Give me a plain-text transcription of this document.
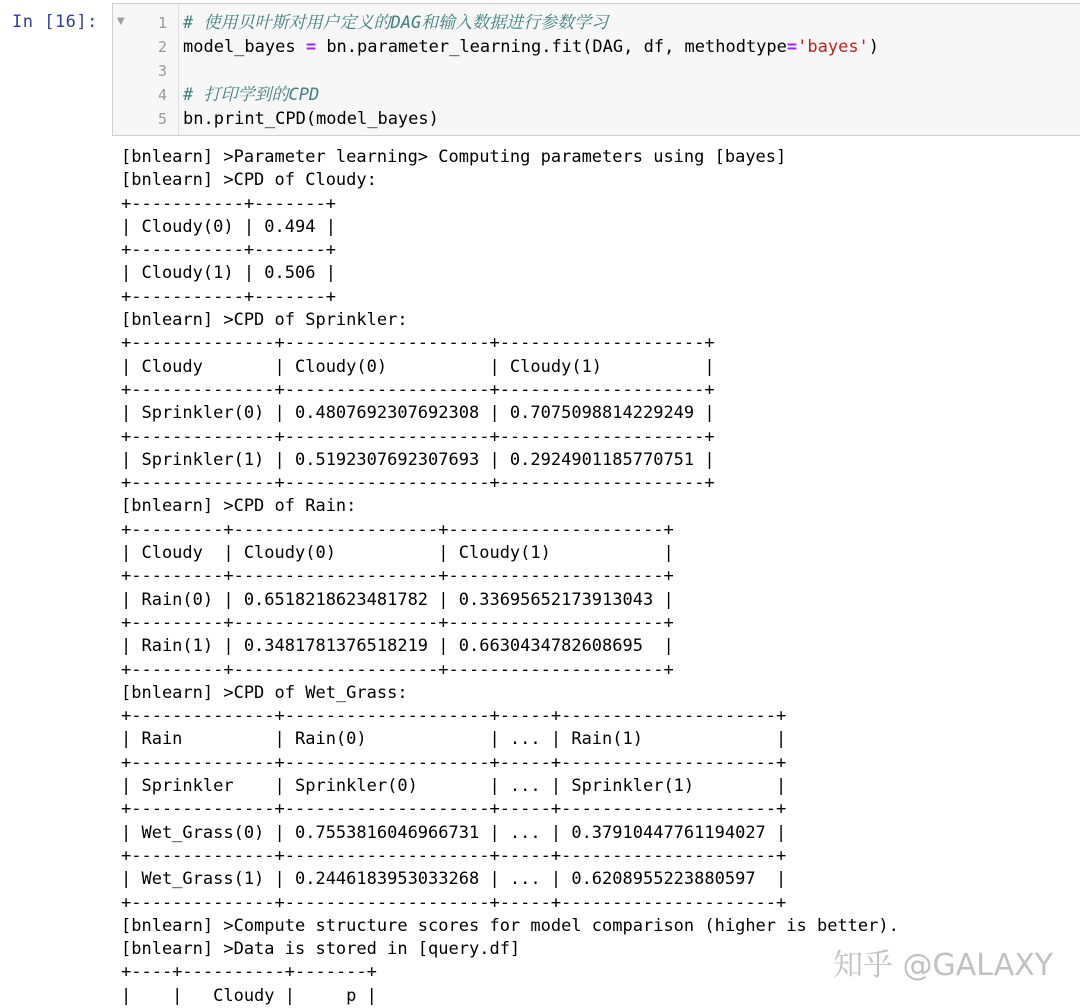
In [16]: ▼	1 # 使用贝叶斯对用户定义的DAG和输入数据进行参数学习
2 model_bayes = bn.parameter_learning.fit(DAG, df, methodtype='bayes')
3
4 # 打印学到的CPD
5 bn.print_CPD(model_bayes)
[bnlearn] >Parameter learning> Computing parameters using [bayes]
[bnlearn] >CPD of Cloudy:
+-----------+-------+
| Cloudy(0) | 0.494 |
+-----------+-------+
| Cloudy(1) | 0.506 |
+-----------+-------+
[bnlearn] >CPD of Sprinkler:
+--------------+--------------------+--------------------+
| Cloudy       | Cloudy(0)          | Cloudy(1)          |
+--------------+--------------------+--------------------+
| Sprinkler(0) | 0.4807692307692308 | 0.7075098814229249 |
+--------------+--------------------+--------------------+
| Sprinkler(1) | 0.5192307692307693 | 0.2924901185770751 |
+--------------+--------------------+--------------------+
[bnlearn] >CPD of Rain:
+---------+--------------------+---------------------+
| Cloudy  | Cloudy(0)          | Cloudy(1)           |
+---------+--------------------+---------------------+
| Rain(0) | 0.6518218623481782 | 0.33695652173913043 |
+---------+--------------------+---------------------+
| Rain(1) | 0.3481781376518219 | 0.6630434782608695  |
+---------+--------------------+---------------------+
[bnlearn] >CPD of Wet_Grass:
+--------------+--------------------+-----+---------------------+
| Rain         | Rain(0)            | ... | Rain(1)             |
+--------------+--------------------+-----+---------------------+
| Sprinkler    | Sprinkler(0)       | ... | Sprinkler(1)        |
+--------------+--------------------+-----+---------------------+
| Wet_Grass(0) | 0.7553816046966731 | ... | 0.37910447761194027 |
+--------------+--------------------+-----+---------------------+
| Wet_Grass(1) | 0.2446183953033268 | ... | 0.6208955223880597  |
+--------------+--------------------+-----+---------------------+
[bnlearn] >Compute structure scores for model comparison (higher is better).
[bnlearn] >Data is stored in [query.df]
+----+----------+-------+
|    |   Cloudy |     p |
知乎 @GALAXY
